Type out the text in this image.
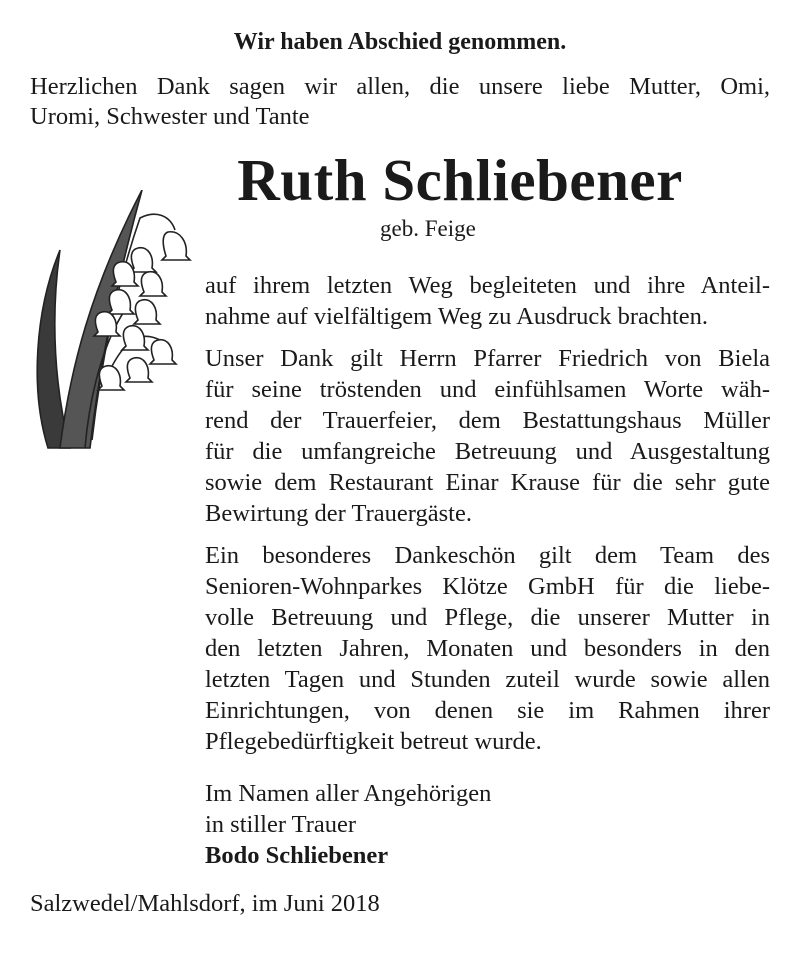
Wir haben Abschied genommen.
Herzlichen Dank sagen wir allen, die unsere liebe Mutter, Omi,
Uromi, Schwester und Tante
Ruth Schliebener
geb. Feige
auf ihrem letzten Weg begleiteten und ihre Anteil-
nahme auf vielfältigem Weg zu Ausdruck brachten.
Unser Dank gilt Herrn Pfarrer Friedrich von Biela
für seine tröstenden und einfühlsamen Worte wäh-
rend der Trauerfeier, dem Bestattungshaus Müller
für die umfangreiche Betreuung und Ausgestaltung
sowie dem Restaurant Einar Krause für die sehr gute
Bewirtung der Trauergäste.
Ein besonderes Dankeschön gilt dem Team des
Senioren-Wohnparkes Klötze GmbH für die liebe-
volle Betreuung und Pflege, die unserer Mutter in
den letzten Jahren, Monaten und besonders in den
letzten Tagen und Stunden zuteil wurde sowie allen
Einrichtungen, von denen sie im Rahmen ihrer
Pflegebedürftigkeit betreut wurde.
Im Namen aller Angehörigen
in stiller Trauer
Bodo Schliebener
Salzwedel/Mahlsdorf, im Juni 2018
